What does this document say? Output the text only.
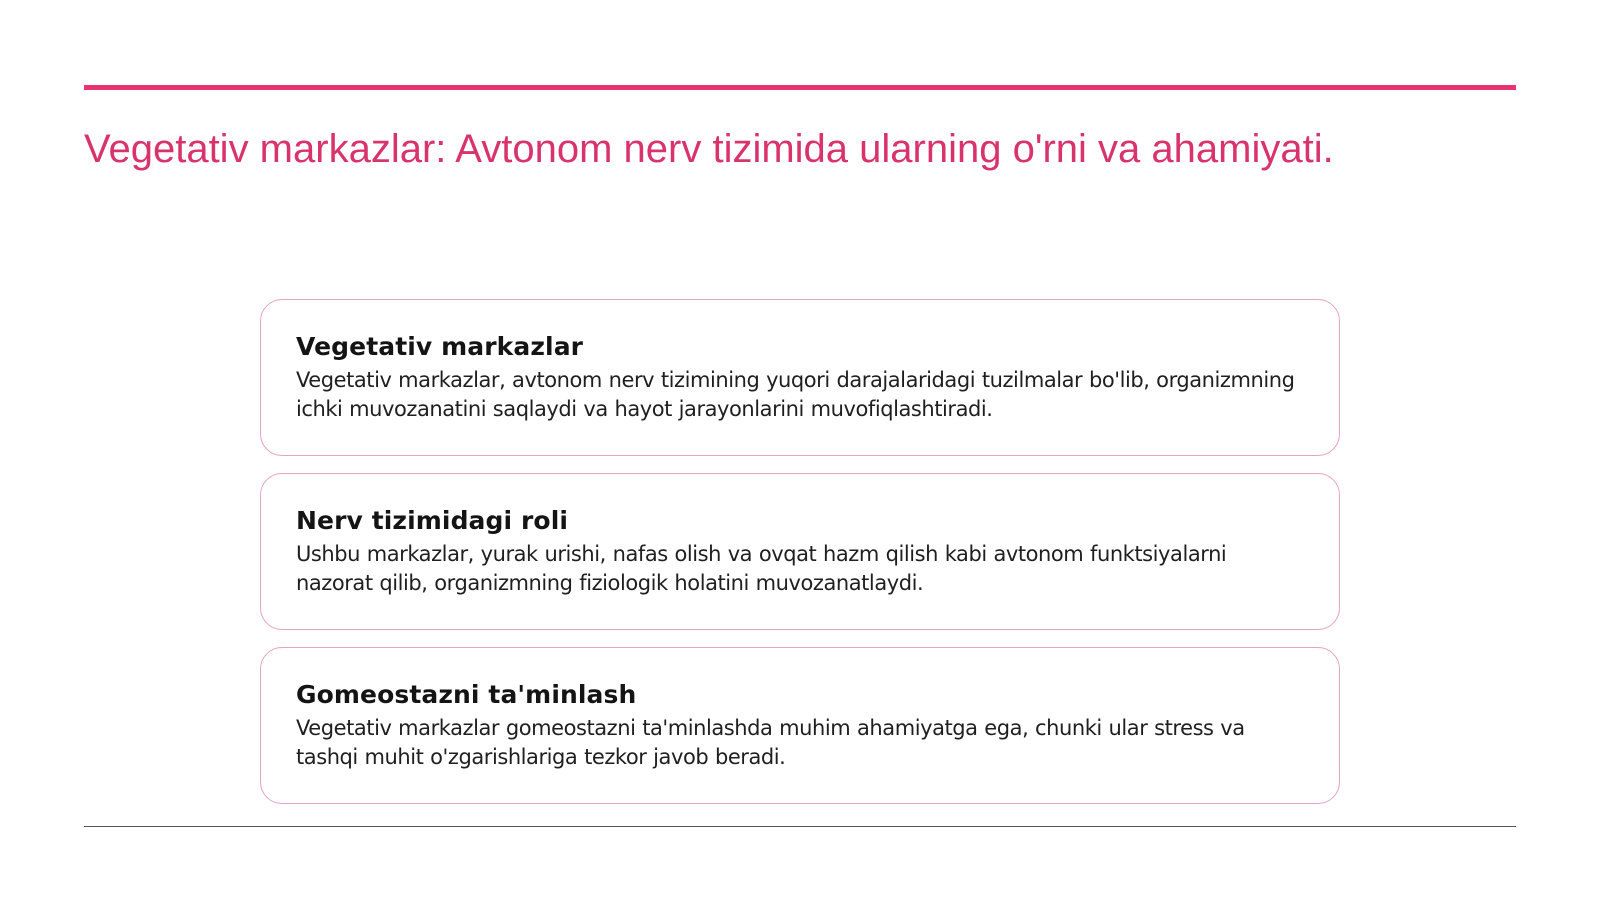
Vegetativ markazlar: Avtonom nerv tizimida ularning o'rni va ahamiyati.
Vegetativ markazlar

Vegetativ markazlar, avtonom nerv tizimining yuqori darajalaridagi tuzilmalar bo'lib, organizmning ichki muvozanatini saqlaydi va hayot jarayonlarini muvofiqlashtiradi.

Nerv tizimidagi roli

Ushbu markazlar, yurak urishi, nafas olish va ovqat hazm qilish kabi avtonom funktsiyalarni nazorat qilib, organizmning fiziologik holatini muvozanatlaydi.

Gomeostazni ta'minlash

Vegetativ markazlar gomeostazni ta'minlashda muhim ahamiyatga ega, chunki ular stress va tashqi muhit o'zgarishlariga tezkor javob beradi.
